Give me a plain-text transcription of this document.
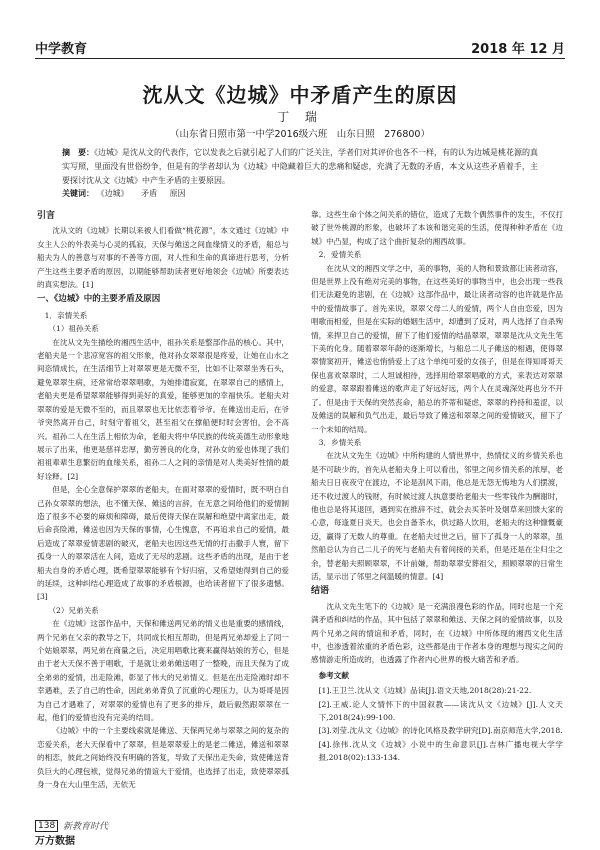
中学教育	2018 年 12 月
沈从文《边城》中矛盾产生的原因
丁 瑞
（山东省日照市第一中学2016级六班　山东日照　276800）
摘　要：《边城》是沈从文的代表作，它以发表之后就引起了人们的广泛关注，学者们对其评价也各不一样，有的认为边城是桃花源的真实写照，里面没有世俗纷争，但是有的学者却认为《边城》中隐藏着巨大的悲痛和疑虑，充满了无数的矛盾，本文从这些矛盾着手，主要探讨沈从文《边城》中产生矛盾的主要原因。
关键词： 《边城》 矛盾 原因

引言

沈从文的《边城》长期以来被人们看做“桃花源”，本文通过《边城》中女主人公的外表美与心灵的孤寂，天保与傩送之间血缘情义的矛盾，船总与船夫为人的善意与对事的不善等方面，对人性和生命的真谛进行思考，分析产生这些主要矛盾的原因，以期能够帮助读者更好地领会《边城》所要表达的真实想法。[1]

一、《边城》中的主要矛盾及原因

1．亲情关系

（1）祖孙关系

在沈从文先生描绘的湘西生活中，祖孙关系是整部作品的核心。其中，老船夫是一个悲凉宽容的祖父形象，他对孙女翠翠很是疼爱，让她在山水之间恣情成长，在生活细节上对翠翠更是无微不至，比如不让翠翠坐秀石头，避免翠翠生病，还常常给翠翠唱歌，为她排遣寂寞，在翠翠自己的感情上，老船夫更是希望翠翠能够得到美好的真爱，能够更加的幸福快乐。老船夫对翠翠的爱是无微不至的，而且翠翠也无比依恋着爷爷。在傩送出走后，在爷爷突然离开自己，时刻守着祖父，甚至祖父在撑船便时时会害怕，会不高兴。祖孙二人在生活上相依为命，老船夫将中华民族的传统美德生动形象地展示了出来，他更是慈祥忠厚，勤劳善良的化身，对孙女的爱也体现了我们祖祖辈辈生息繁衍的血缘关系，祖孙二人之间的亲情是对人类美好性情的最好诠释。[2]

但是，全心全意保护翠翠的老船夫，在面对翠翠的爱情时，既不明白自己孙女翠翠的想法，也不懂天保、傩送的言辞，在无意之间给他们的爱情制造了很多不必要的麻烦和障碍，最后使得天保在误解和绝望中离家出走，最后命丧险滩，傩送也因为天保的事情，心生愧意，不再追求自己的爱情，最后造成了翠翠爱情悲剧的破灭，老船夫也因这些无情的打击撒手人寰，留下孤身一人的翠翠活在人间，造成了无尽的悲剧。这些矛盾的出现，是由于老船夫自身的矛盾心理，既希望翠翠能够有个好归宿，又希望她得到自己的爱的延续，这种纠结心理造成了故事的矛盾根源，也给读者留下了很多遗憾。[3]

（2）兄弟关系

在《边城》这部作品中，天保和傩送两兄弟的情义也是重要的感情线，两个兄弟在父亲的教导之下，共同成长相互帮助，但是两兄弟却爱上了同一个姑娘翠翠，两兄弟在商量之后，决定用唱歌比赛来赢得姑娘的芳心，但是由于老大天保不善于唱歌，于是就让弟弟傩送唱了一整晚，而且天保为了成全弟弟的爱情，出走险滩，彰显了伟大的兄弟情义。但是在出走险滩时却不幸遇难，丢了自己的性命，因此弟弟背负了沉重的心理压力，认为哥哥是因为自己才遇难了，对翠翠的爱情也有了更多的排斥，最后毅然跟翠翠在一起，他们的爱情也没有完美的结局。

《边城》中的一个主要线索就是傩送、天保两兄弟与翠翠之间的复杂的恋爱关系，老大天保看中了翠翠，但是翠翠爱上的是老二傩送，傩送和翠翠的相恋，彼此之间始终没有明确的答复，导致了天保出走失命，致使傩送背负巨大的心理包袱，觉得兄弟的情谊大于爱情，也选择了出走，致使翠翠孤身一身在大山里生活，无依无

靠。这些生命个体之间关系的错位，造成了无数个偶然事件的发生，不仅打破了世外桃源的形象，也破坏了本该和谐完美的生活，使得种种矛盾在《边城》中凸显，构成了这个曲折复杂的湘西故事。

2．爱情关系

在沈从文的湘西文学之中，美的事物，美的人物和景致都让读者动容，但是世界上没有绝对完美的事物，在这些美好的事物当中，也会出现一些我们无法避免的悲剧，在《边城》这部作品中，最让读者动容的也许就是作品中的爱情故事了。首先来说，翠翠父母二人的爱情，两个人自由恋爱，因为唱歌而相爱，但是在实际的婚姻生活中，却遭到了反对，两人选择了自杀殉情，来捍卫自己的爱情，留下了他们爱情的结晶翠翠，翠翠是沈从文先生笔下美的化身。随着翠翠年龄的逐渐增长，与船总二儿子傩送的相遇，使得翠翠情窦初开，傩送也悄悄爱上了这个单纯可爱的女孩子，但是在得知哥哥天保也喜欢翠翠时，二人坦诚相待，选择用给翠翠唱歌的方式，来表达对翠翠的爱意，翠翠跟着傩送的歌声走了好远好远，两个人在灵魂深处再也分不开了。但是由于天保的突然丧命，船总的芥蒂和疑虑，翠翠的矜持和羞涩，以及傩送的误解和负气出走，最后导致了傩送和翠翠之间的爱情破灭，留下了一个未知的结局。

3．乡情关系

在沈从文先生《边城》中所构建的人情世界中，热情仗义的乡情关系也是不可缺少的，首先从老船夫身上可以看出，邻里之间乡情关系的浓厚，老船夫日日夜夜守在渡边，不论是刮风下雨，他总是无怨无悔地为人们摆渡，还不收过渡人的钱财，有时候过渡人执意要给老船夫一些零钱作为酬谢时，他也总是将其退回，遇到实在推辞不过，就会去买茶叶及烟草来回馈大家的心意，每逢夏日炎天，也会自备茶水，供过路人饮用，老船夫的这种慷慨豪迈，赢得了无数人的尊重。在老船夫过世之后，留下了孤身一人的翠翠，虽然船总认为自己二儿子的死与老船夫有着间接的关系，但是还是在尘归尘之余，替老船夫照顾翠翠，不计前嫌，帮助翠翠安葬祖父，照顾翠翠的日常生活，显示出了邻里之间温暖的情意。[4]

结语

沈从文先生笔下的《边城》是一充满浪漫色彩的作品，同时也是一个充满矛盾和纠结的作品，其中包括了翠翠和傩送、天保之间的爱情故事，以及两个兄弟之间的情谊和矛盾，同时，在《边城》中所体现的湘西文化生活中，也渗透着浓重的矛盾色彩，这些都是由于作者本身的理想与现实之间的感情游走所造成的，也透露了作者内心世界的极大痛苦和矛盾。

参考文献

[1].王卫兰.沈从文《边城》品读[J].语文天地,2018(28):21-22.

[2].王威.论人文情怀下的中国叙教——读沈从文《边城》[J].人文天下,2018(24):99-100.

[3].刘莹.沈从文《边城》的诗化风格及教学研究[D].南京师范大学,2018.

[4].徐伟.沈从文《边城》小说中的生命意识[J].吉林广播电视大学学报,2018(02):133-134.

138 新教育时代
万方数据
